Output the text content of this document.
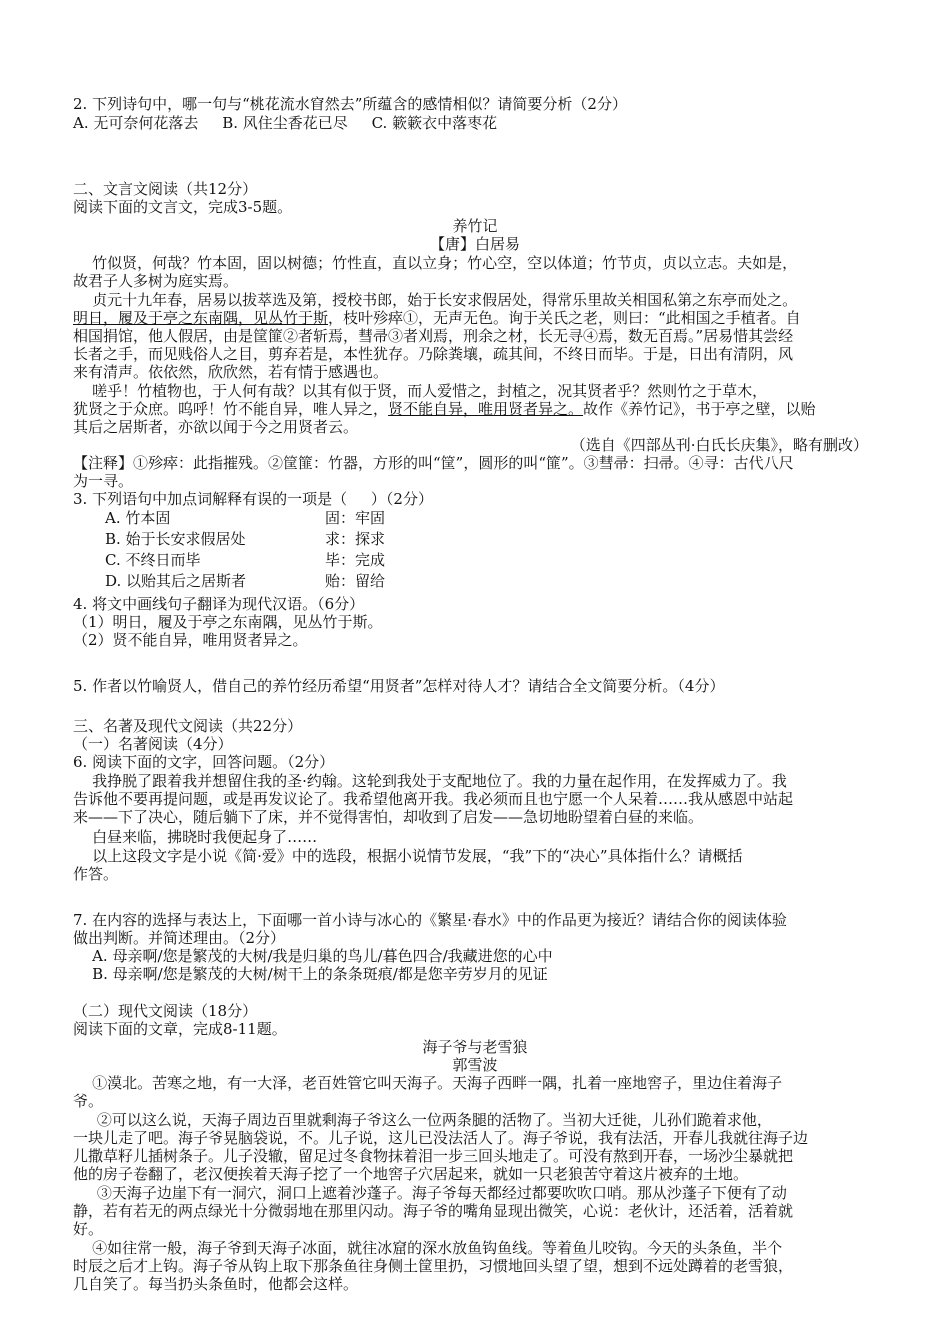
2. 下列诗句中，哪一句与“桃花流水窅然去”所蕴含的感情相似？请简要分析（2分）
A. 无可奈何花落去     B. 风住尘香花已尽     C. 簌簌衣中落枣花
二、文言文阅读（共12分）
阅读下面的文言文，完成3-5题。
养竹记
【唐】白居易
竹似贤，何哉？竹本固，固以树德；竹性直，直以立身；竹心空，空以体道；竹节贞，贞以立志。夫如是，
故君子人多树为庭实焉。
贞元十九年春，居易以拔萃选及第，授校书郎，始于长安求假居处，得常乐里故关相国私第之东亭而处之。
明日，履及于亭之东南隅，见丛竹于斯，枝叶殄瘁①，无声无色。询于关氏之老，则曰：“此相国之手植者。自
相国捐馆，他人假居，由是筐篚②者斩焉，彗帚③者刈焉，刑余之材，长无寻④焉，数无百焉。”居易惜其尝经
长者之手，而见贱俗人之目，剪弃若是，本性犹存。乃除粪壤，疏其间，不终日而毕。于是，日出有清阴，风
来有清声。依依然，欣欣然，若有情于感遇也。
嗟乎！竹植物也，于人何有哉？以其有似于贤，而人爱惜之，封植之，况其贤者乎？然则竹之于草木，
犹贤之于众庶。呜呼！竹不能自异，唯人异之，贤不能自异，唯用贤者异之。故作《养竹记》，书于亭之壁，以贻
其后之居斯者，亦欲以闻于今之用贤者云。
（选自《四部丛刊·白氏长庆集》，略有删改）
【注释】①殄瘁：此指摧残。②筐篚：竹器，方形的叫“筐”，圆形的叫“篚”。③彗帚：扫帚。④寻：古代八尺
为一寻。
3. 下列语句中加点词解释有误的一项是（     ）（2分）
A. 竹本固	固：牢固
B. 始于长安求假居处	求：探求
C. 不终日而毕	毕：完成
D. 以贻其后之居斯者	贻：留给
4. 将文中画线句子翻译为现代汉语。（6分）
（1）明日，履及于亭之东南隅，见丛竹于斯。
（2）贤不能自异，唯用贤者异之。
5. 作者以竹喻贤人，借自己的养竹经历希望“用贤者”怎样对待人才？请结合全文简要分析。（4分）
三、名著及现代文阅读（共22分）
（一）名著阅读（4分）
6. 阅读下面的文字，回答问题。（2分）
我挣脱了跟着我并想留住我的圣·约翰。这轮到我处于支配地位了。我的力量在起作用，在发挥威力了。我
告诉他不要再提问题，或是再发议论了。我希望他离开我。我必须而且也宁愿一个人呆着……我从感恩中站起
来——下了决心，随后躺下了床，并不觉得害怕，却收到了启发——急切地盼望着白昼的来临。
白昼来临，拂晓时我便起身了……
以上这段文字是小说《简·爱》中的选段，根据小说情节发展，“我”下的“决心”具体指什么？请概括
作答。
7. 在内容的选择与表达上，下面哪一首小诗与冰心的《繁星·春水》中的作品更为接近？请结合你的阅读体验
做出判断。并简述理由。（2分）
A. 母亲啊/您是繁茂的大树/我是归巢的鸟儿/暮色四合/我藏进您的心中
B. 母亲啊/您是繁茂的大树/树干上的条条斑痕/都是您辛劳岁月的见证
（二）现代文阅读（18分）
阅读下面的文章，完成8-11题。
海子爷与老雪狼
郭雪波
①漠北。苦寒之地，有一大泽，老百姓管它叫天海子。天海子西畔一隅，扎着一座地窖子，里边住着海子
爷。
②可以这么说，天海子周边百里就剩海子爷这么一位两条腿的活物了。当初大迁徙，儿孙们跪着求他，
一块儿走了吧。海子爷晃脑袋说，不。儿子说，这儿已没法活人了。海子爷说，我有法活，开春儿我就往海子边
儿撒草籽儿插树条子。儿子没辙，留足过冬食物抹着泪一步三回头地走了。可没有熬到开春，一场沙尘暴就把
他的房子卷翻了，老汉便挨着天海子挖了一个地窖子穴居起来，就如一只老狼苦守着这片被弃的土地。
③天海子边崖下有一洞穴，洞口上遮着沙蓬子。海子爷每天都经过都要吹吹口哨。那从沙蓬子下便有了动
静，若有若无的两点绿光十分微弱地在那里闪动。海子爷的嘴角显现出微笑，心说：老伙计，还活着，活着就
好。
④如往常一般，海子爷到天海子冰面，就往冰窟的深水放鱼钩鱼线。等着鱼儿咬钩。今天的头条鱼，半个
时辰之后才上钩。海子爷从钩上取下那条鱼往身侧土筐里扔，习惯地回头望了望，想到不远处蹲着的老雪狼，
几自笑了。每当扔头条鱼时，他都会这样。
